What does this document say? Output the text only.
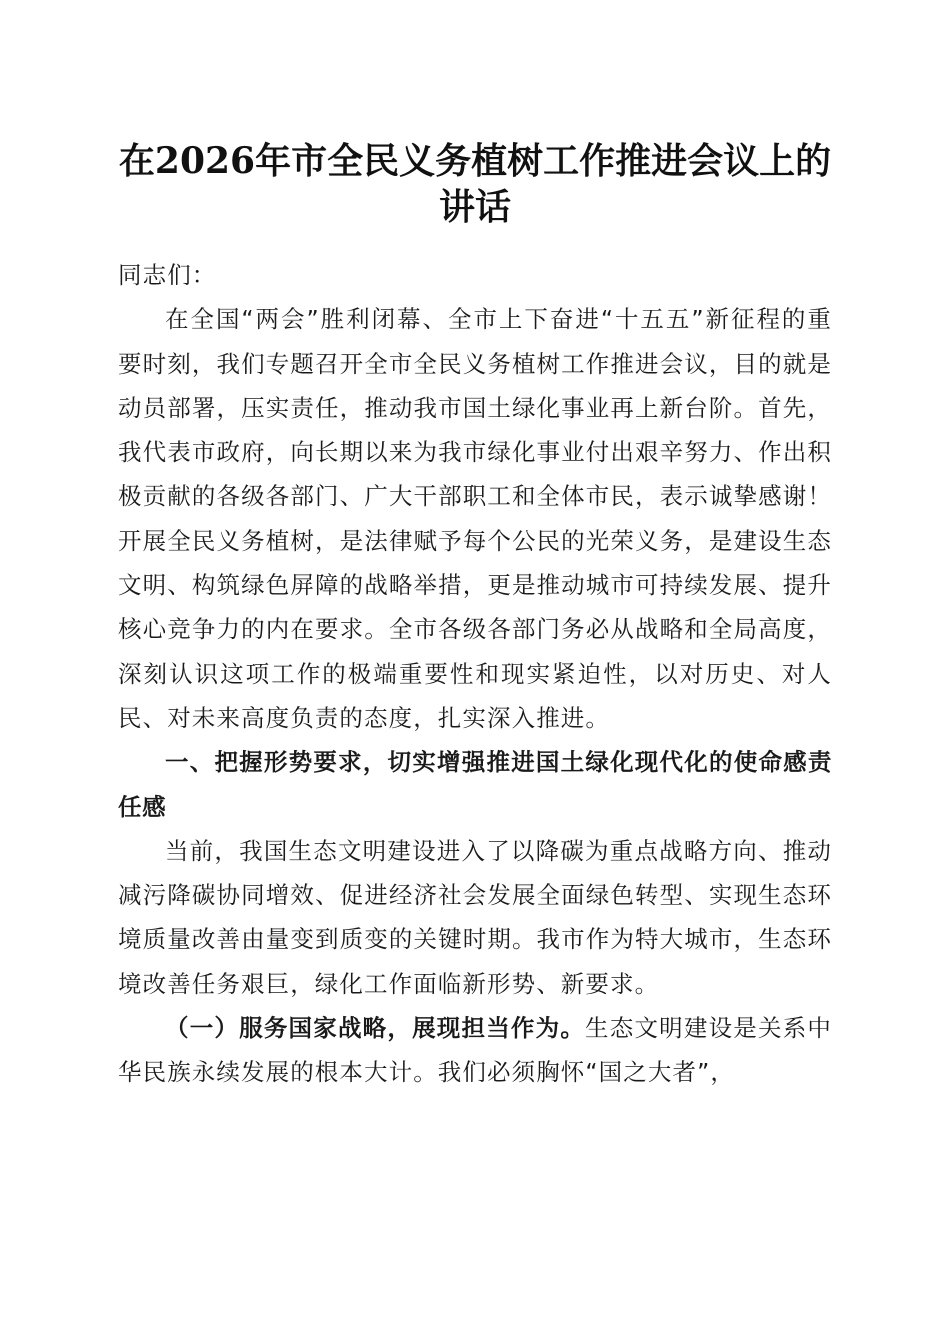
在2026年市全民义务植树工作推进会议上的
讲话

同志们：

在全国“两会”胜利闭幕、全市上下奋进“十五五”新征程的重要时刻，我们专题召开全市全民义务植树工作推进会议，目的就是动员部署，压实责任，推动我市国土绿化事业再上新台阶。首先，我代表市政府，向长期以来为我市绿化事业付出艰辛努力、作出积极贡献的各级各部门、广大干部职工和全体市民，表示诚挚感谢！开展全民义务植树，是法律赋予每个公民的光荣义务，是建设生态文明、构筑绿色屏障的战略举措，更是推动城市可持续发展、提升核心竞争力的内在要求。全市各级各部门务必从战略和全局高度，深刻认识这项工作的极端重要性和现实紧迫性，以对历史、对人民、对未来高度负责的态度，扎实深入推进。

一、把握形势要求，切实增强推进国土绿化现代化的使命感责任感

当前，我国生态文明建设进入了以降碳为重点战略方向、推动减污降碳协同增效、促进经济社会发展全面绿色转型、实现生态环境质量改善由量变到质变的关键时期。我市作为特大城市，生态环境改善任务艰巨，绿化工作面临新形势、新要求。

（一）服务国家战略，展现担当作为。生态文明建设是关系中华民族永续发展的根本大计。我们必须胸怀“国之大者”，
